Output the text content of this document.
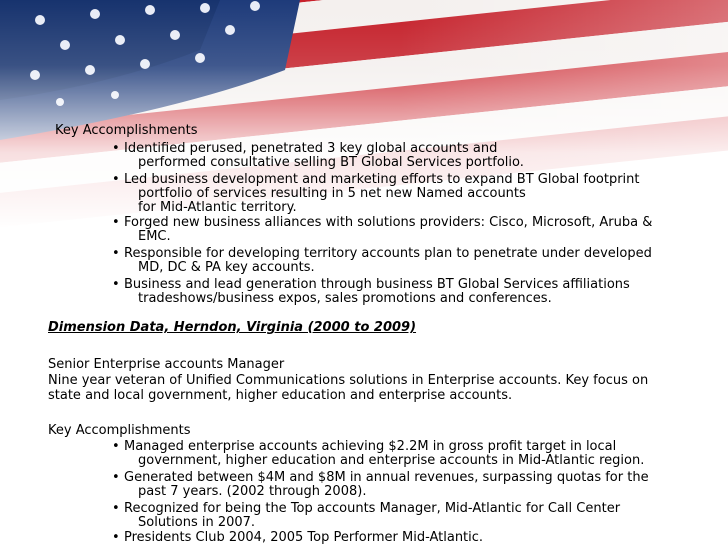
Key Accomplishments
• Identified perused, penetrated 3 key global accounts and
performed consultative selling BT Global Services portfolio.
• Led business development and marketing efforts to expand BT Global footprint
portfolio of services resulting in 5 net new Named accounts
for Mid-Atlantic territory.
• Forged new business alliances with solutions providers: Cisco, Microsoft, Aruba &
EMC.
• Responsible for developing territory accounts plan to penetrate under developed
MD, DC & PA key accounts.
• Business and lead generation through business BT Global Services affiliations
tradeshows/business expos, sales promotions and conferences.
Dimension Data, Herndon, Virginia (2000 to 2009)
Senior Enterprise accounts Manager
Nine year veteran of Unified Communications solutions in Enterprise accounts. Key focus on
state and local government, higher education and enterprise accounts.
Key Accomplishments
• Managed enterprise accounts achieving $2.2M in gross profit target in local
government, higher education and enterprise accounts in Mid-Atlantic region.
• Generated between $4M and $8M in annual revenues, surpassing quotas for the
past 7 years. (2002 through 2008).
• Recognized for being the Top accounts Manager, Mid-Atlantic for Call Center
Solutions in 2007.
• Presidents Club 2004, 2005 Top Performer Mid-Atlantic.
